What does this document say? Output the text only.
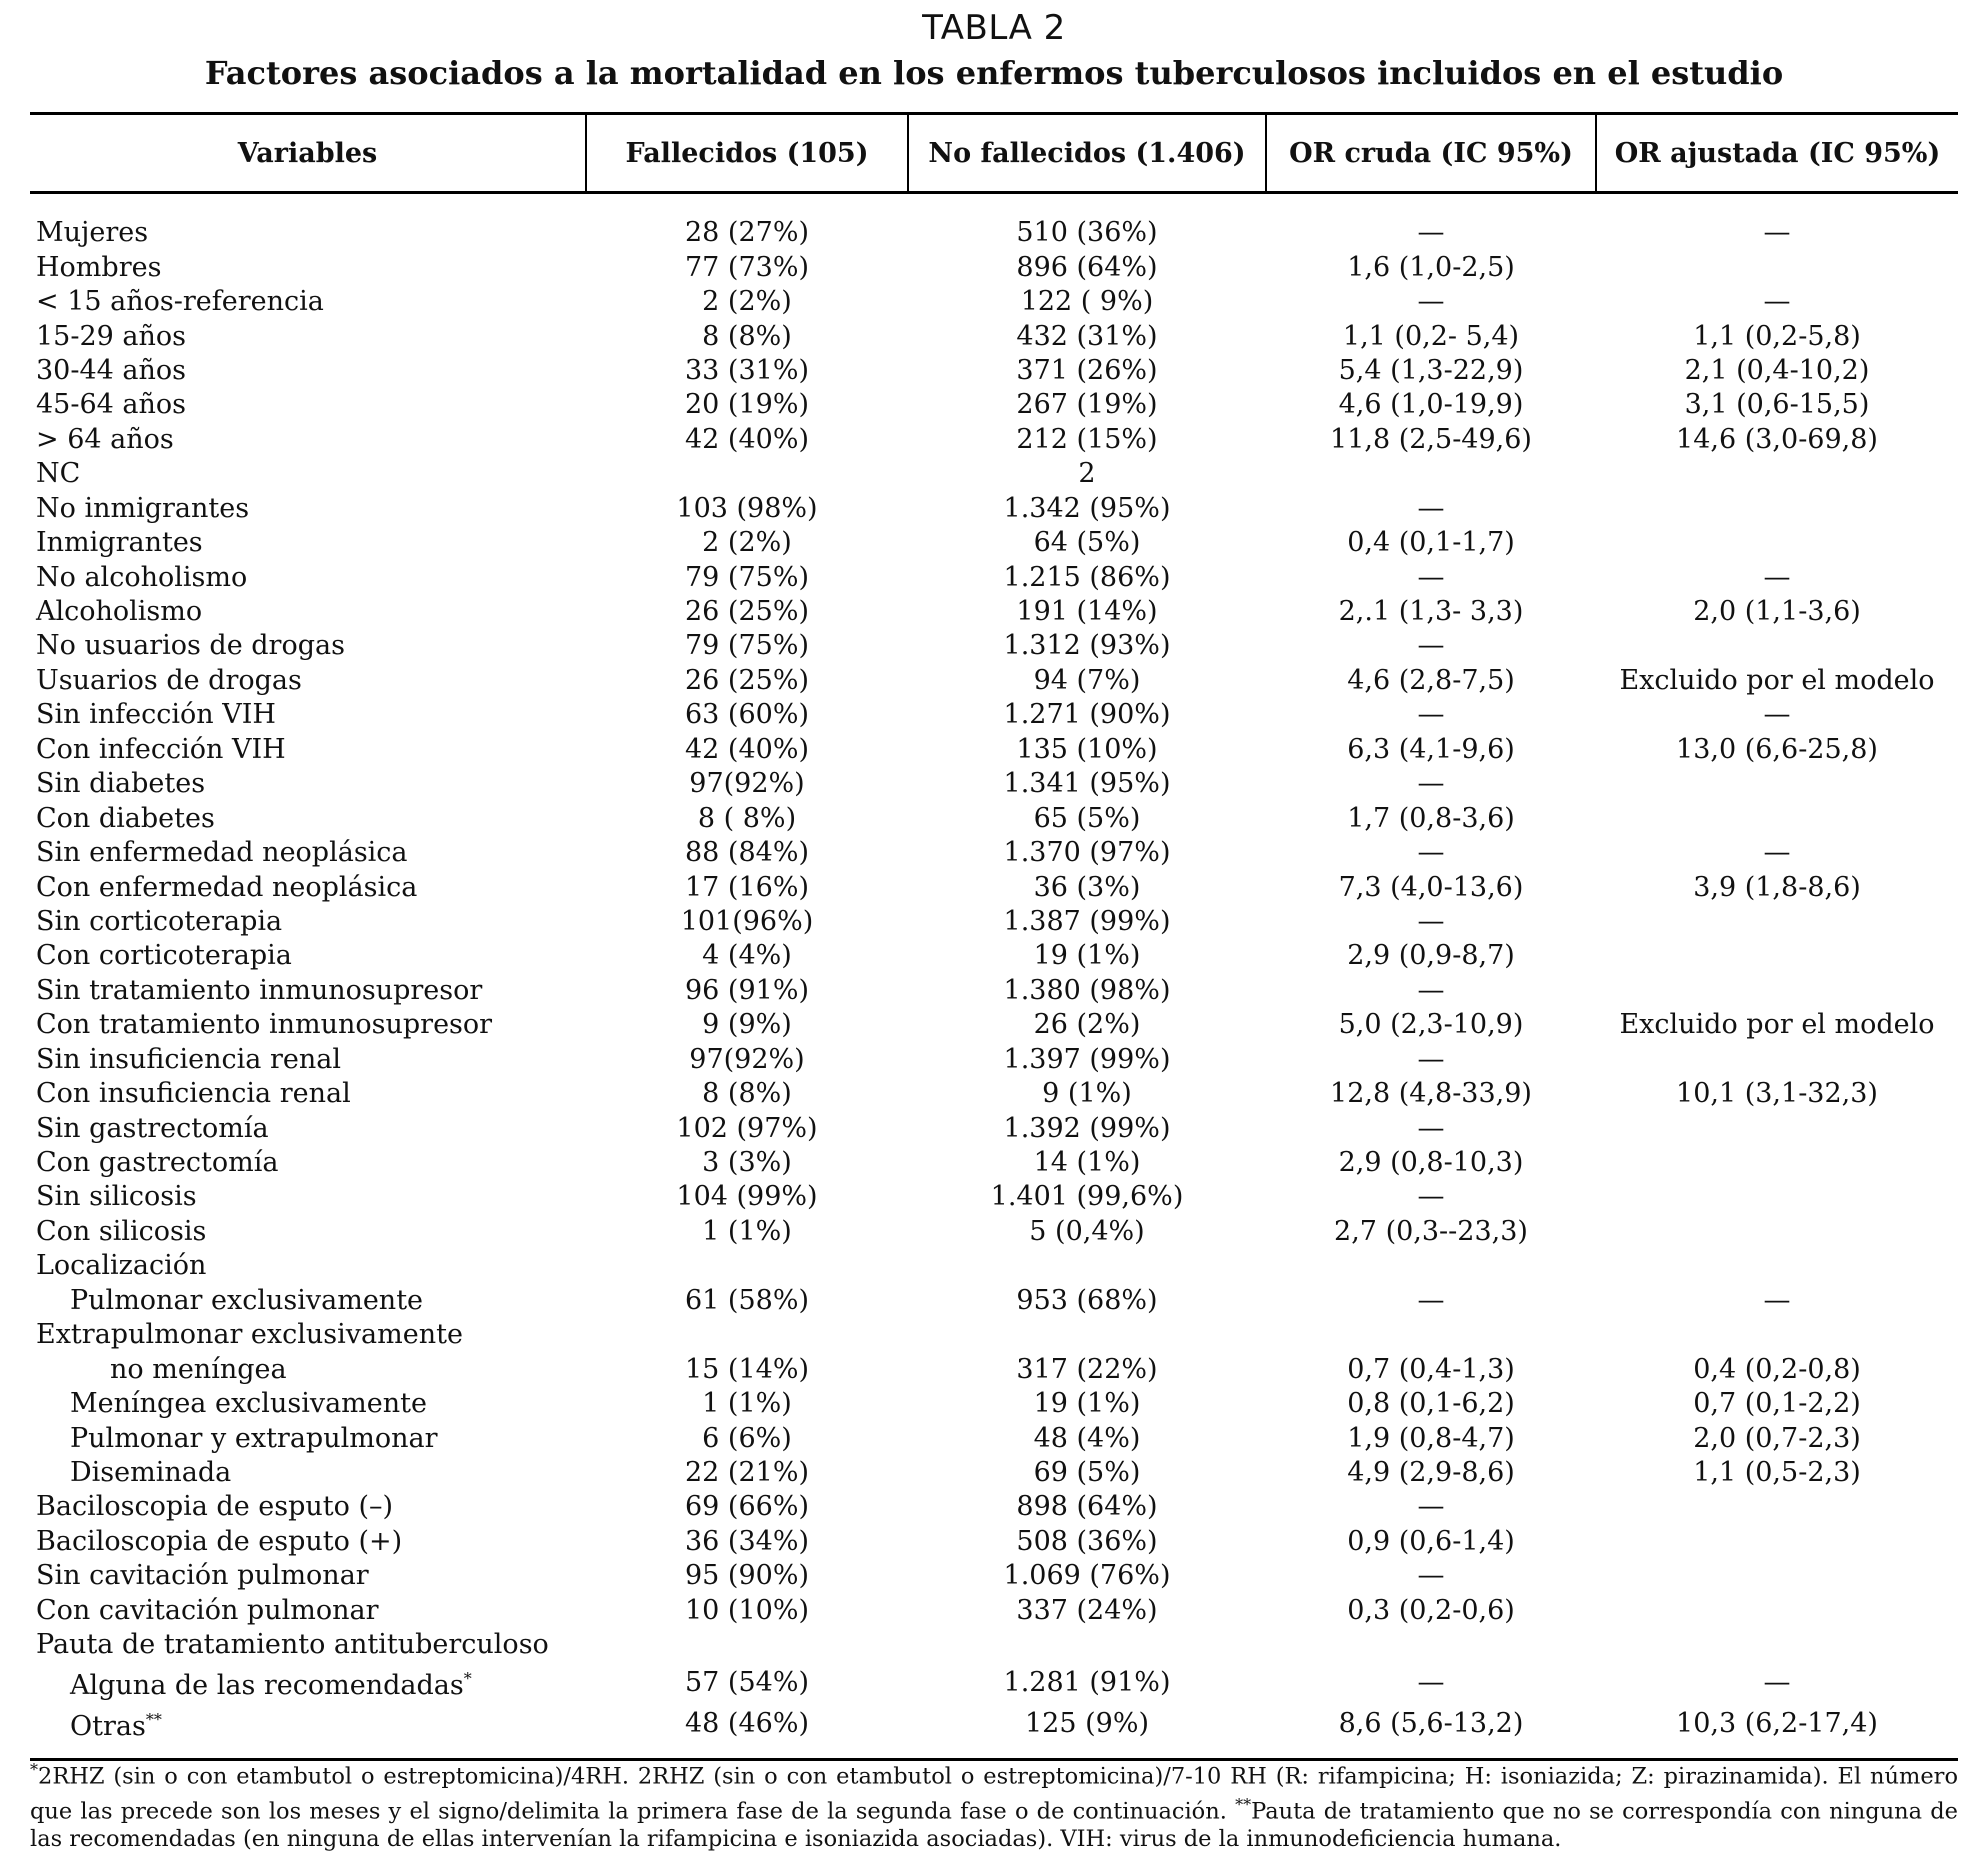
TABLA 2
Factores asociados a la mortalidad en los enfermos tuberculosos incluidos en el estudio
Variables	Fallecidos (105)	No fallecidos (1.406)	OR cruda (IC 95%)	OR ajustada (IC 95%)

Mujeres	28 (27%)	510 (36%)	—	—
Hombres	77 (73%)	896 (64%)	1,6 (1,0-2,5)	
< 15 años-referencia	2 (2%)	122 ( 9%)	—	—
15-29 años	8 (8%)	432 (31%)	1,1 (0,2- 5,4)	1,1 (0,2-5,8)
30-44 años	33 (31%)	371 (26%)	5,4 (1,3-22,9)	2,1 (0,4-10,2)
45-64 años	20 (19%)	267 (19%)	4,6 (1,0-19,9)	3,1 (0,6-15,5)
> 64 años	42 (40%)	212 (15%)	11,8 (2,5-49,6)	14,6 (3,0-69,8)
NC		2		
No inmigrantes	103 (98%)	1.342 (95%)	—	
Inmigrantes	2 (2%)	64 (5%)	0,4 (0,1-1,7)	
No alcoholismo	79 (75%)	1.215 (86%)	—	—
Alcoholismo	26 (25%)	191 (14%)	2,.1 (1,3- 3,3)	2,0 (1,1-3,6)
No usuarios de drogas	79 (75%)	1.312 (93%)	—	
Usuarios de drogas	26 (25%)	94 (7%)	4,6 (2,8-7,5)	Excluido por el modelo
Sin infección VIH	63 (60%)	1.271 (90%)	—	—
Con infección VIH	42 (40%)	135 (10%)	6,3 (4,1-9,6)	13,0 (6,6-25,8)
Sin diabetes	97(92%)	1.341 (95%)	—	
Con diabetes	8 ( 8%)	65 (5%)	1,7 (0,8-3,6)	
Sin enfermedad neoplásica	88 (84%)	1.370 (97%)	—	—
Con enfermedad neoplásica	17 (16%)	36 (3%)	7,3 (4,0-13,6)	3,9 (1,8-8,6)
Sin corticoterapia	101(96%)	1.387 (99%)	—	
Con corticoterapia	4 (4%)	19 (1%)	2,9 (0,9-8,7)	
Sin tratamiento inmunosupresor	96 (91%)	1.380 (98%)	—	
Con tratamiento inmunosupresor	9 (9%)	26 (2%)	5,0 (2,3-10,9)	Excluido por el modelo
Sin insuficiencia renal	97(92%)	1.397 (99%)	—	
Con insuficiencia renal	8 (8%)	9 (1%)	12,8 (4,8-33,9)	10,1 (3,1-32,3)
Sin gastrectomía	102 (97%)	1.392 (99%)	—	
Con gastrectomía	3 (3%)	14 (1%)	2,9 (0,8-10,3)	
Sin silicosis	104 (99%)	1.401 (99,6%)	—	
Con silicosis	1 (1%)	5 (0,4%)	2,7 (0,3--23,3)	
Localización				
Pulmonar exclusivamente	61 (58%)	953 (68%)	—	—
Extrapulmonar exclusivamente				
no meníngea	15 (14%)	317 (22%)	0,7 (0,4-1,3)	0,4 (0,2-0,8)
Meníngea exclusivamente	1 (1%)	19 (1%)	0,8 (0,1-6,2)	0,7 (0,1-2,2)
Pulmonar y extrapulmonar	6 (6%)	48 (4%)	1,9 (0,8-4,7)	2,0 (0,7-2,3)
Diseminada	22 (21%)	69 (5%)	4,9 (2,9-8,6)	1,1 (0,5-2,3)
Baciloscopia de esputo (–)	69 (66%)	898 (64%)	—	
Baciloscopia de esputo (+)	36 (34%)	508 (36%)	0,9 (0,6-1,4)	
Sin cavitación pulmonar	95 (90%)	1.069 (76%)	—	
Con cavitación pulmonar	10 (10%)	337 (24%)	0,3 (0,2-0,6)	
Pauta de tratamiento antituberculoso				
Alguna de las recomendadas*	57 (54%)	1.281 (91%)	—	—
Otras**	48 (46%)	125 (9%)	8,6 (5,6-13,2)	10,3 (6,2-17,4)

*2RHZ (sin o con etambutol o estreptomicina)/4RH. 2RHZ (sin o con etambutol o estreptomicina)/7-10 RH (R: rifampicina; H: isoniazida; Z: pirazinamida). El número que las precede son los meses y el signo/delimita la primera fase de la segunda fase o de continuación. **Pauta de tratamiento que no se correspondía con ninguna de las recomendadas (en ninguna de ellas intervenían la rifampicina e isoniazida asociadas). VIH: virus de la inmunodeficiencia humana.
